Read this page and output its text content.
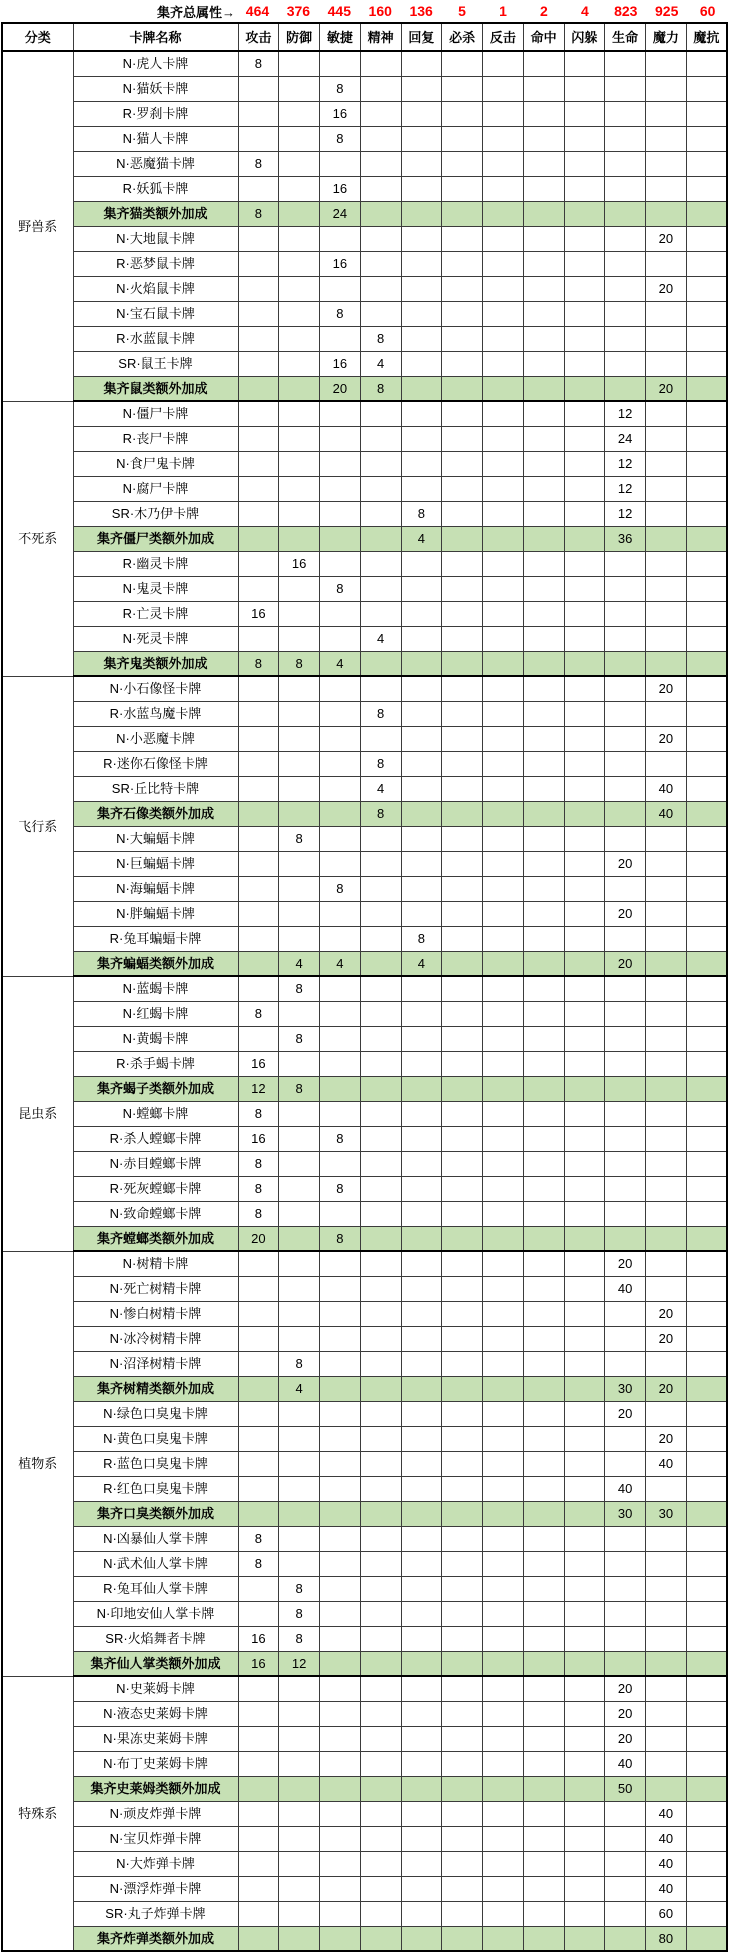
集齐总属性→ 464	376	445	160	136	5	1	2	4	823	925	60
分类	卡牌名称	攻击	防御	敏捷	精神	回复	必杀	反击	命中	闪躲	生命	魔力	魔抗
野兽系	N·虎人卡牌	8											
	N·猫妖卡牌			8									
	R·罗刹卡牌			16									
	N·猫人卡牌			8									
	N·恶魔猫卡牌	8											
	R·妖狐卡牌			16									
	集齐猫类额外加成	8		24									
	N·大地鼠卡牌											20	
	R·恶梦鼠卡牌			16									
	N·火焰鼠卡牌											20	
	N·宝石鼠卡牌			8									
	R·水蓝鼠卡牌				8								
	SR·鼠王卡牌			16	4								
	集齐鼠类额外加成			20	8							20	
不死系	N·僵尸卡牌										12		
	R·丧尸卡牌										24		
	N·食尸鬼卡牌										12		
	N·腐尸卡牌										12		
	SR·木乃伊卡牌					8					12		
	集齐僵尸类额外加成					4					36		
	R·幽灵卡牌		16										
	N·鬼灵卡牌			8									
	R·亡灵卡牌	16											
	N·死灵卡牌				4								
	集齐鬼类额外加成	8	8	4									
飞行系	N·小石像怪卡牌											20	
	R·水蓝鸟魔卡牌				8								
	N·小恶魔卡牌											20	
	R·迷你石像怪卡牌				8								
	SR·丘比特卡牌				4							40	
	集齐石像类额外加成				8							40	
	N·大蝙蝠卡牌		8										
	N·巨蝙蝠卡牌										20		
	N·海蝙蝠卡牌			8									
	N·胖蝙蝠卡牌										20		
	R·兔耳蝙蝠卡牌					8							
	集齐蝙蝠类额外加成		4	4		4					20		
昆虫系	N·蓝蝎卡牌		8										
	N·红蝎卡牌	8											
	N·黄蝎卡牌		8										
	R·杀手蝎卡牌	16											
	集齐蝎子类额外加成	12	8										
	N·螳螂卡牌	8											
	R·杀人螳螂卡牌	16		8									
	N·赤目螳螂卡牌	8											
	R·死灰螳螂卡牌	8		8									
	N·致命螳螂卡牌	8											
	集齐螳螂类额外加成	20		8									
植物系	N·树精卡牌										20		
	N·死亡树精卡牌										40		
	N·惨白树精卡牌											20	
	N·冰冷树精卡牌											20	
	N·沼泽树精卡牌		8										
	集齐树精类额外加成		4								30	20	
	N·绿色口臭鬼卡牌										20		
	N·黄色口臭鬼卡牌											20	
	R·蓝色口臭鬼卡牌											40	
	R·红色口臭鬼卡牌										40		
	集齐口臭类额外加成										30	30	
	N·凶暴仙人掌卡牌	8											
	N·武术仙人掌卡牌	8											
	R·兔耳仙人掌卡牌		8										
	N·印地安仙人掌卡牌		8										
	SR·火焰舞者卡牌	16	8										
	集齐仙人掌类额外加成	16	12										
特殊系	N·史莱姆卡牌										20		
	N·液态史莱姆卡牌										20		
	N·果冻史莱姆卡牌										20		
	N·布丁史莱姆卡牌										40		
	集齐史莱姆类额外加成										50		
	N·顽皮炸弹卡牌											40	
	N·宝贝炸弹卡牌											40	
	N·大炸弹卡牌											40	
	N·漂浮炸弹卡牌											40	
	SR·丸子炸弹卡牌											60	
	集齐炸弹类额外加成											80	
